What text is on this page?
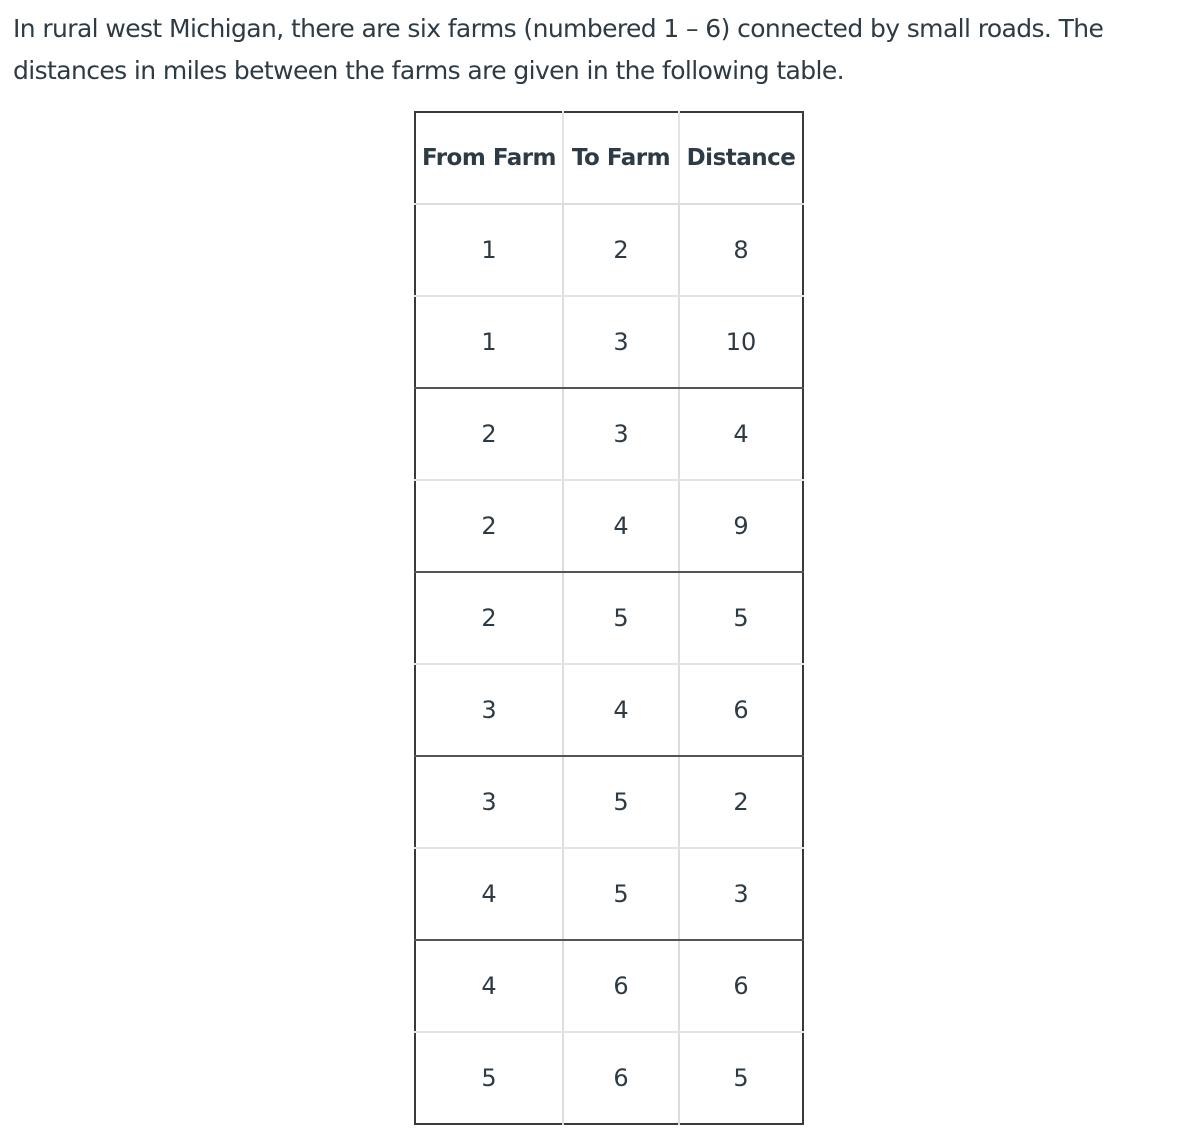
In rural west Michigan, there are six farms (numbered 1 – 6) connected by small roads. The distances in miles between the farms are given in the following table.

From Farm	To Farm	Distance
1	2	8
1	3	10
2	3	4
2	4	9
2	5	5
3	4	6
3	5	2
4	5	3
4	6	6
5	6	5
